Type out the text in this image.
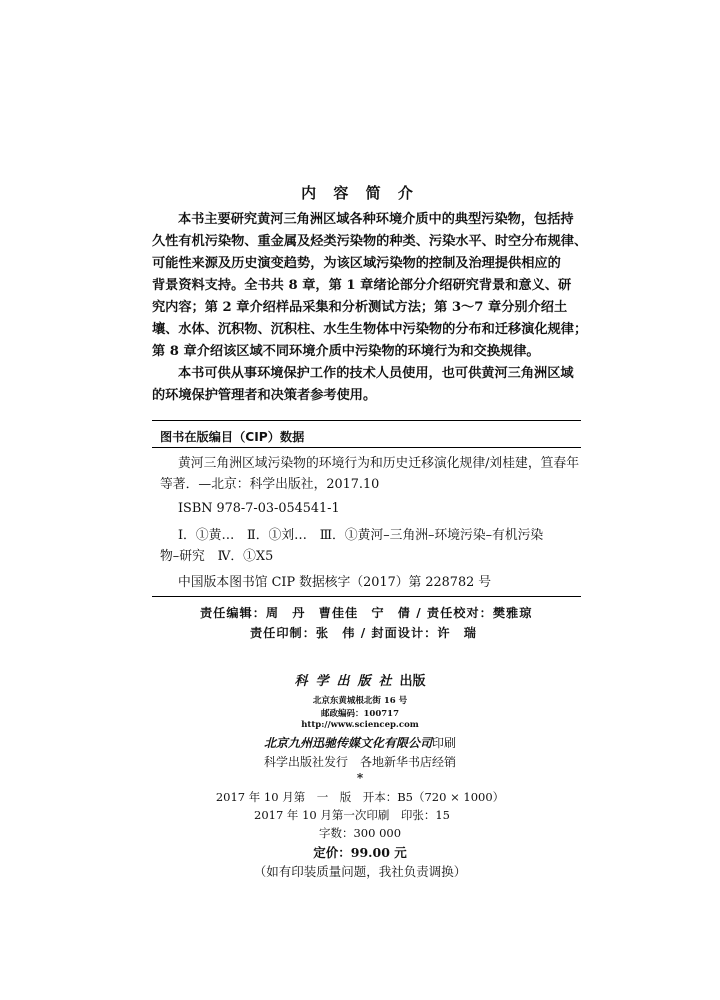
内 容 简 介
本书主要研究黄河三角洲区域各种环境介质中的典型污染物，包括持
久性有机污染物、重金属及烃类污染物的种类、污染水平、时空分布规律、
可能性来源及历史演变趋势，为该区域污染物的控制及治理提供相应的
背景资料支持。全书共 8 章，第 1 章绪论部分介绍研究背景和意义、研
究内容；第 2 章介绍样品采集和分析测试方法；第 3～7 章分别介绍土
壤、水体、沉积物、沉积柱、水生生物体中污染物的分布和迁移演化规律；
第 8 章介绍该区域不同环境介质中污染物的环境行为和交换规律。
本书可供从事环境保护工作的技术人员使用，也可供黄河三角洲区域
的环境保护管理者和决策者参考使用。
图书在版编目（CIP）数据
黄河三角洲区域污染物的环境行为和历史迁移演化规律/刘桂建，笪春年
等著．—北京：科学出版社，2017.10
ISBN 978-7-03-054541-1
Ⅰ．①黄…　Ⅱ．①刘…　Ⅲ．①黄河–三角洲–环境污染–有机污染
物–研究　Ⅳ．①X5
中国版本图书馆 CIP 数据核字（2017）第 228782 号
责任编辑：周　丹　曹佳佳　宁　倩 / 责任校对：樊雅琼
责任印制：张　伟 / 封面设计：许　瑞
科学出版社出版
北京东黄城根北街 16 号
邮政编码：100717
http://www.sciencep.com
北京九州迅驰传媒文化有限公司印刷
科学出版社发行　各地新华书店经销
*
2017 年 10 月第　一　版　开本：B5（720 × 1000）
2017 年 10 月第一次印刷　印张：15
字数：300 000
定价：99.00 元
（如有印装质量问题，我社负责调换）
